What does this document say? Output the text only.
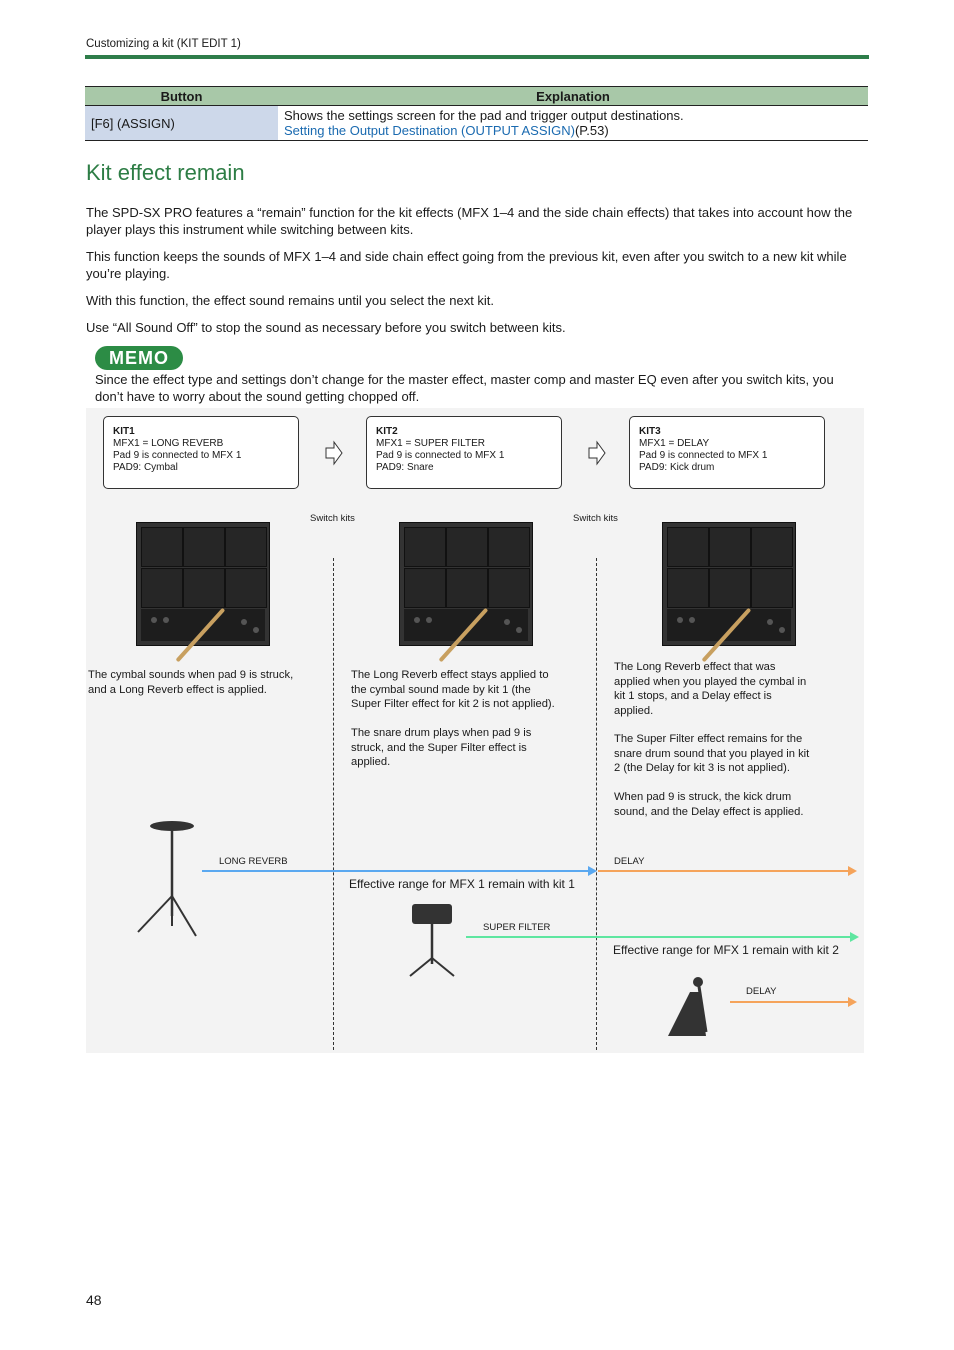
Customizing a kit (KIT EDIT 1)
Button	Explanation
[F6] (ASSIGN)	Shows the settings screen for the pad and trigger output destinations.
Setting the Output Destination (OUTPUT ASSIGN)(P.53)
Kit effect remain
The SPD-SX PRO features a “remain” function for the kit effects (MFX 1–4 and the side chain effects) that takes into account how the player plays this instrument while switching between kits.
This function keeps the sounds of MFX 1–4 and side chain effect going from the previous kit, even after you switch to a new kit while you’re playing.
With this function, the effect sound remains until you select the next kit.
Use “All Sound Off” to stop the sound as necessary before you switch between kits.
MEMO
Since the effect type and settings don’t change for the master effect, master comp and master EQ even after you switch kits, you don’t have to worry about the sound getting chopped off.
KIT1
MFX1 = LONG REVERB
Pad 9 is connected to MFX 1
PAD9: Cymbal
KIT2
MFX1 = SUPER FILTER
Pad 9 is connected to MFX 1
PAD9: Snare
KIT3
MFX1 = DELAY
Pad 9 is connected to MFX 1
PAD9: Kick drum
Switch kits	Switch kits
The cymbal sounds when pad 9 is struck,
and a Long Reverb effect is applied.
The Long Reverb effect stays applied to
the cymbal sound made by kit 1 (the
Super Filter effect for kit 2 is not applied).
The snare drum plays when pad 9 is
struck, and the Super Filter effect is
applied.
The Long Reverb effect that was
applied when you played the cymbal in
kit 1 stops, and a Delay effect is
applied.
The Super Filter effect remains for the
snare drum sound that you played in kit
2 (the Delay for kit 3 is not applied).
When pad 9 is struck, the kick drum
sound, and the Delay effect is applied.
LONG REVERB
Effective range for MFX 1 remain with kit 1
DELAY
SUPER FILTER
Effective range for MFX 1 remain with kit 2
DELAY
48
